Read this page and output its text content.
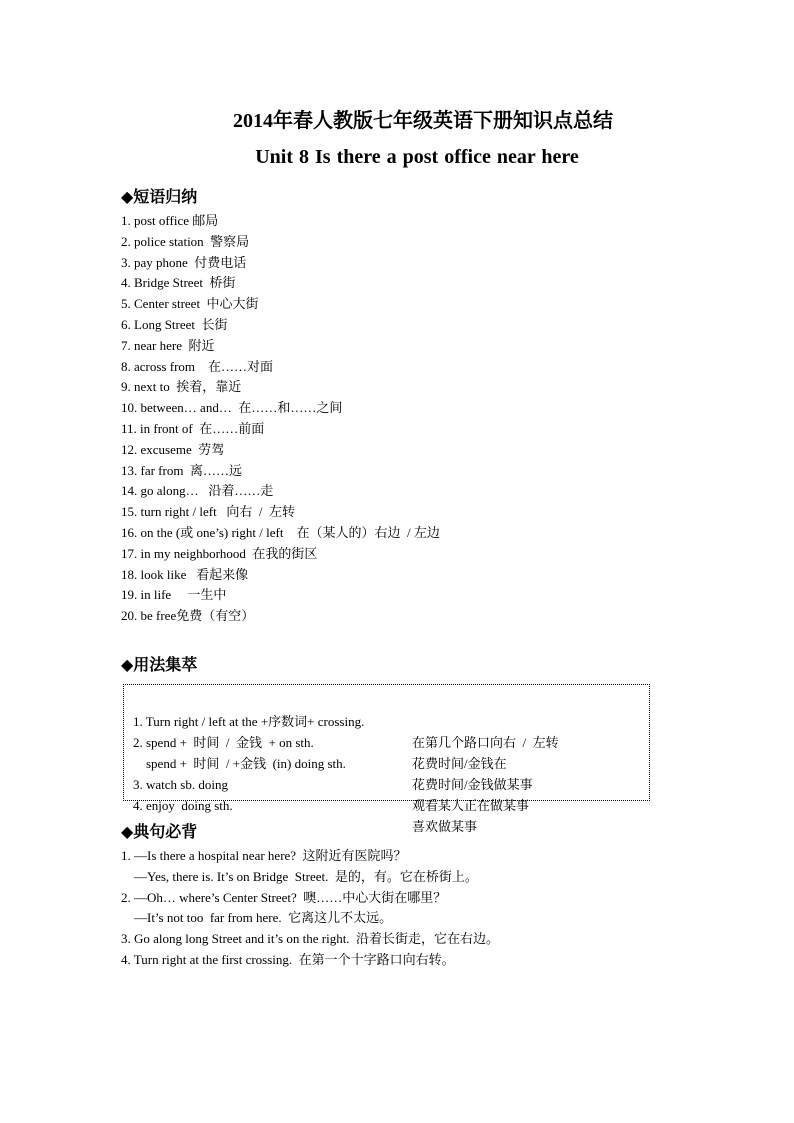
2014年春人教版七年级英语下册知识点总结
Unit 8 Is there a post office near here
◆短语归纳
1. post office 邮局
2. police station  警察局
3. pay phone  付费电话
4. Bridge Street  桥街
5. Center street  中心大街
6. Long Street  长街
7. near here  附近
8. across from    在……对面
9. next to  挨着，靠近
10. between… and…  在……和……之间
11. in front of  在……前面
12. excuseme  劳驾
13. far from  离……远
14. go along…   沿着……走
15. turn right / left   向右  /  左转
16. on the (或 one’s) right / left    在（某人的）右边  / 左边
17. in my neighborhood  在我的街区
18. look like   看起来像
19. in life     一生中
20. be free免费（有空）
◆用法集萃

1. Turn right / left at the +序数词+ crossing.

在第几个路口向右  /  左转

2. spend +  时间  /  金钱  + on sth.

花费时间/金钱在

spend +  时间  / +金钱  (in) doing sth.

花费时间/金钱做某事

3. watch sb. doing

观看某人正在做某事

4. enjoy  doing sth.

喜欢做某事

◆典句必背
1. —Is there a hospital near here?  这附近有医院吗？
—Yes, there is. It’s on Bridge  Street.  是的，有。它在桥街上。
2. —Oh… where’s Center Street?  噢……中心大街在哪里？
—It’s not too  far from here.  它离这儿不太远。
3. Go along long Street and it’s on the right.  沿着长街走，它在右边。
4. Turn right at the first crossing.  在第一个十字路口向右转。
